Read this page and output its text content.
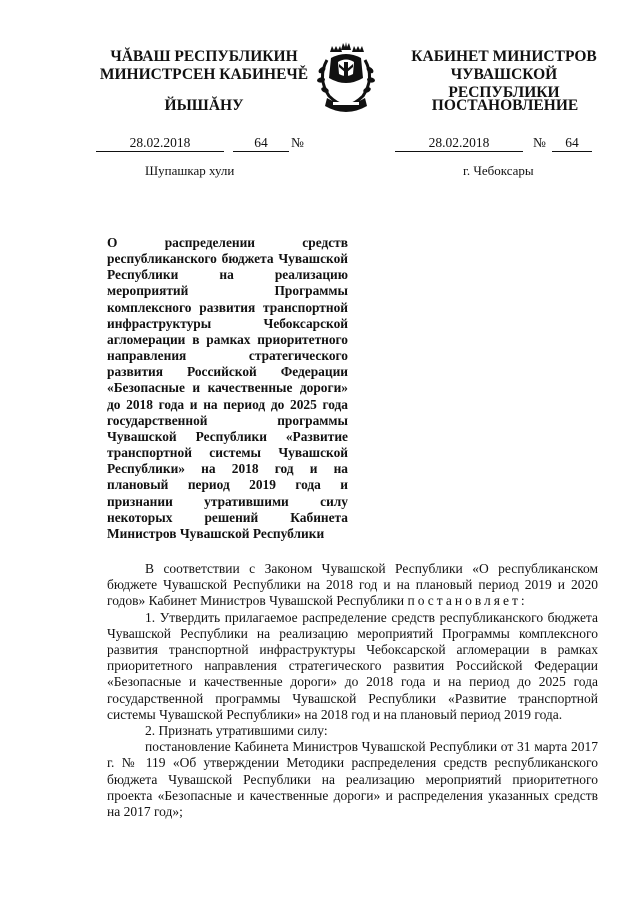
ЧĂВАШ РЕСПУБЛИКИН
МИНИСТРСЕН КАБИНЕЧĚ
ЙЫШĂНУ
КАБИНЕТ МИНИСТРОВ
ЧУВАШСКОЙ РЕСПУБЛИКИ
ПОСТАНОВЛЕНИЕ
28.02.2018	64	№	28.02.2018	№	64
Шупашкар хули	г. Чебоксары
О распределении средств республиканского бюджета Чувашской Республики на реализацию мероприятий Программы комплексного развития транспортной инфраструктуры Чебоксарской агломерации в рамках приоритетного направления стратегического развития Российской Федерации «Безопасные и качественные дороги» до 2018 года и на период до 2025 года государственной программы Чувашской Республики «Развитие транспортной системы Чувашской Республики» на 2018 год и на плановый период 2019 года и признании утратившими силу некоторых решений Кабинета Министров Чувашской Республики

В соответствии с Законом Чувашской Республики «О республиканском бюджете Чувашской Республики на 2018 год и на плановый период 2019 и 2020 годов» Кабинет Министров Чувашской Республики постановляет:

1. Утвердить прилагаемое распределение средств республиканского бюджета Чувашской Республики на реализацию мероприятий Программы комплексного развития транспортной инфраструктуры Чебоксарской агломерации в рамках приоритетного направления стратегического развития Российской Федерации «Безопасные и качественные дороги» до 2018 года и на период до 2025 года государственной программы Чувашской Республики «Развитие транспортной системы Чувашской Республики» на 2018 год и на плановый период 2019 года.

2. Признать утратившими силу:

постановление Кабинета Министров Чувашской Республики от 31 марта 2017 г. № 119 «Об утверждении Методики распределения средств республиканского бюджета Чувашской Республики на реализацию мероприятий приоритетного проекта «Безопасные и качественные дороги» и распределения указанных средств на 2017 год»;
